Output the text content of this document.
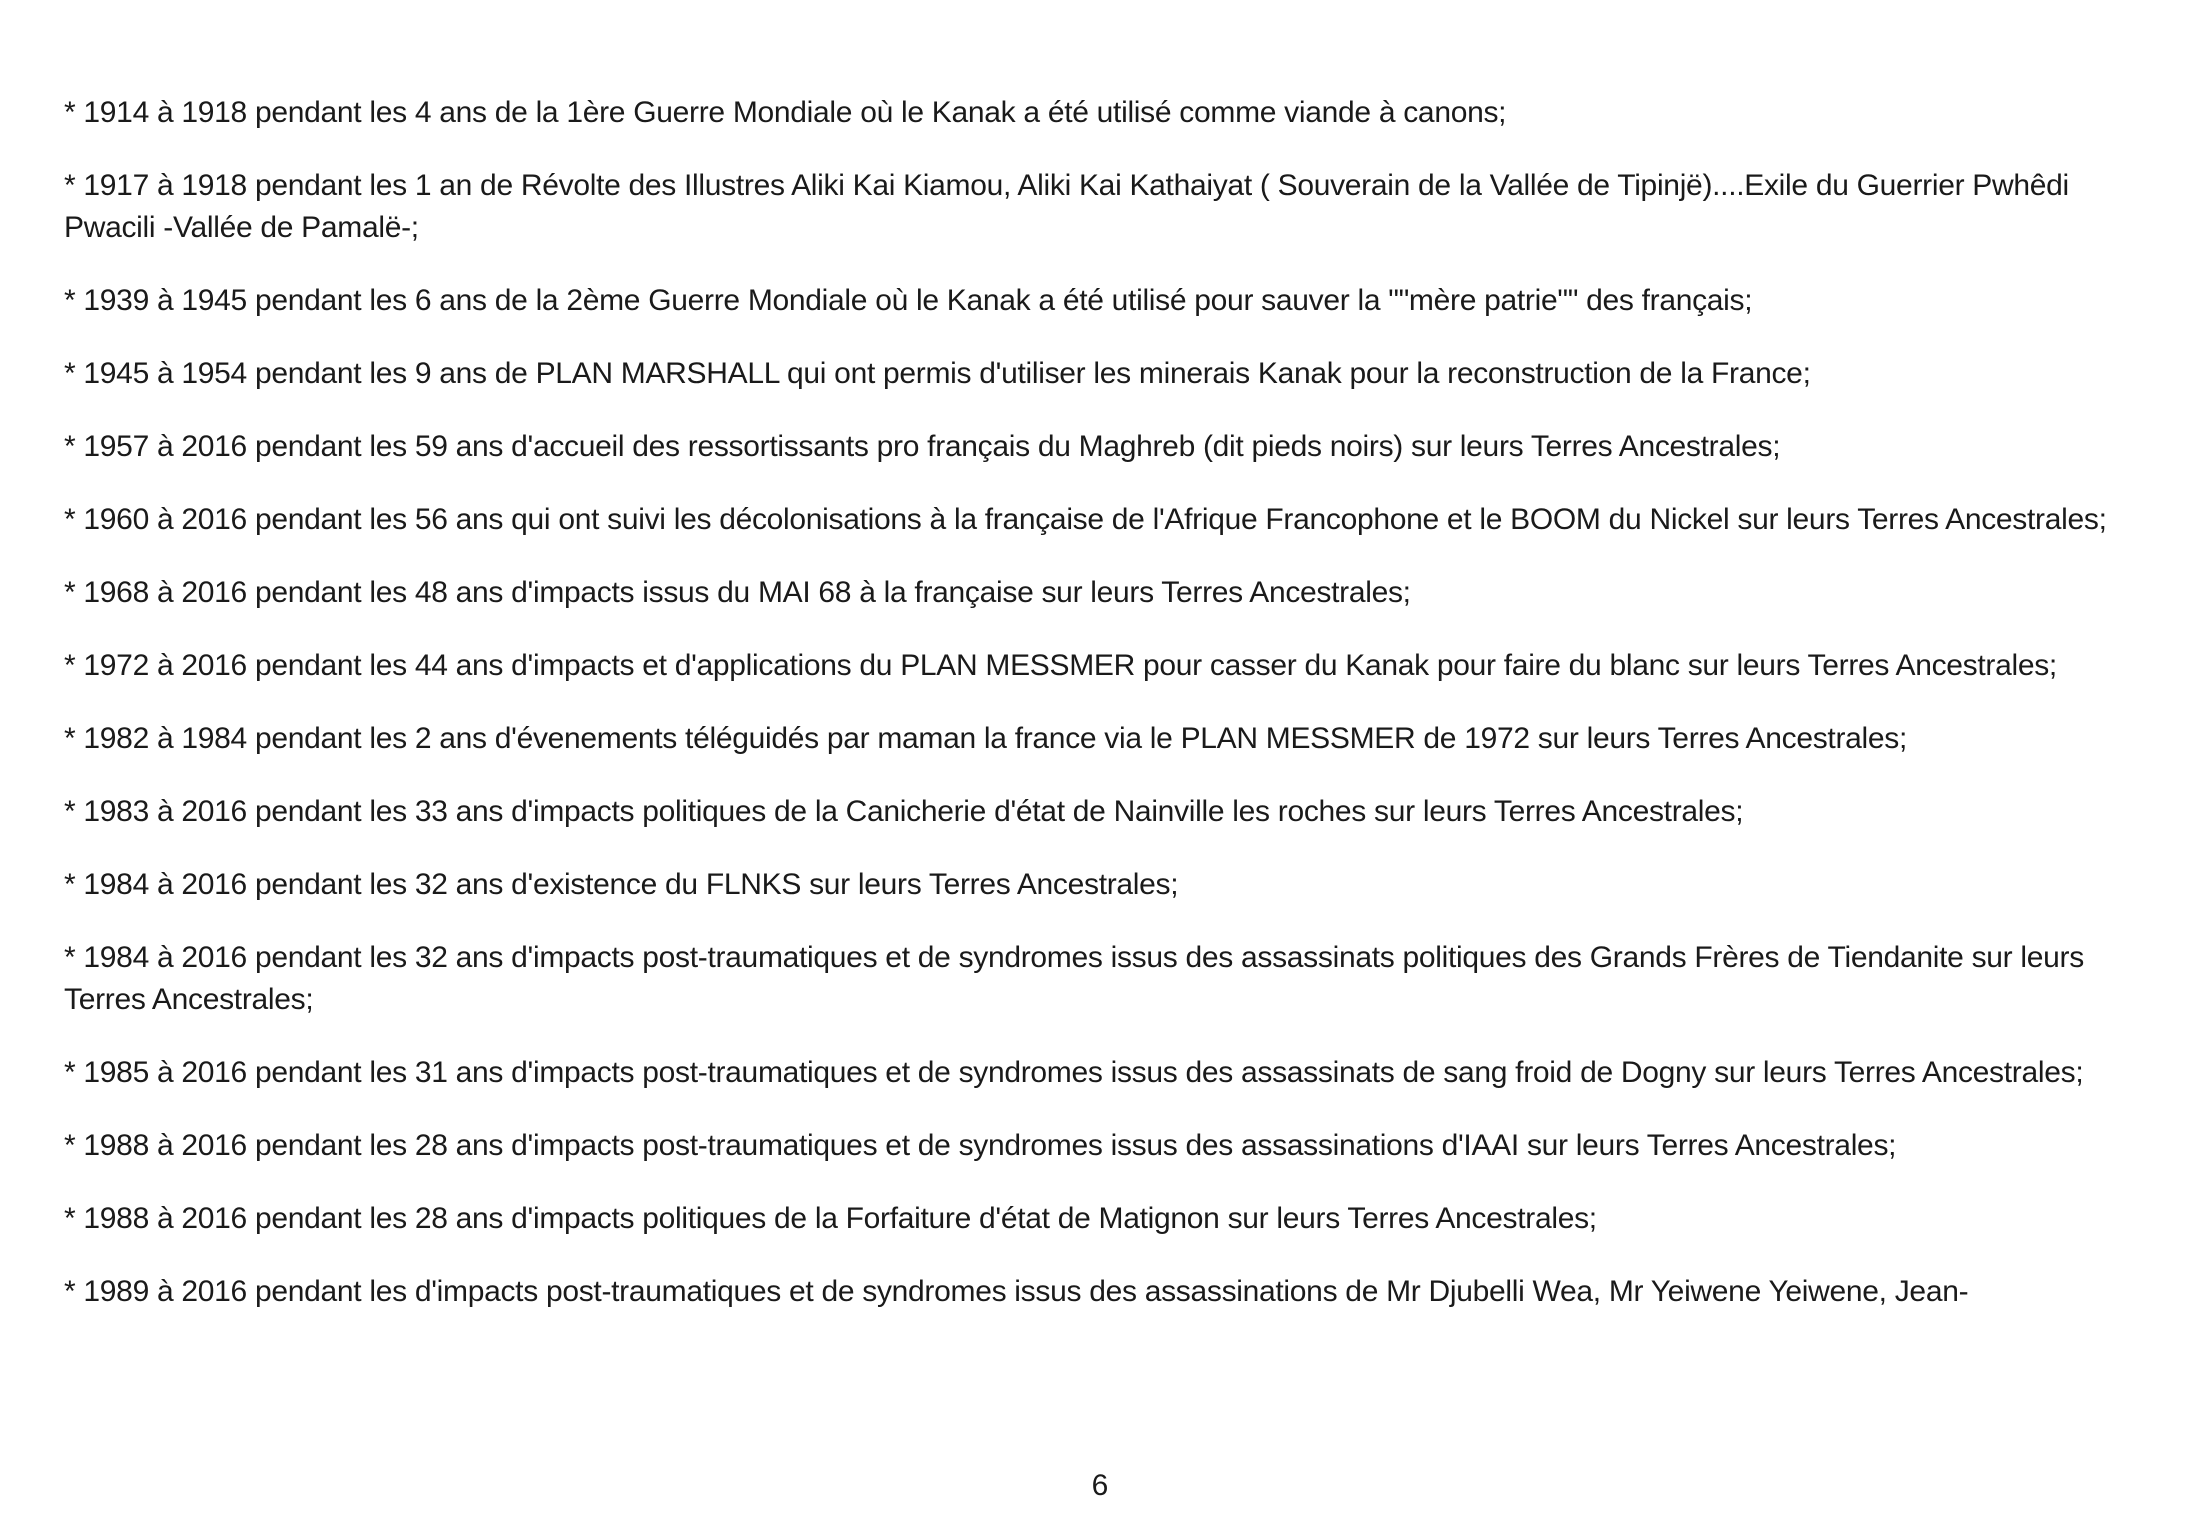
* 1914 à 1918 pendant les 4 ans de la 1ère Guerre Mondiale où le Kanak a été utilisé comme viande à canons;
* 1917 à 1918 pendant les 1 an de Révolte des Illustres Aliki Kai Kiamou, Aliki Kai Kathaiyat ( Souverain de la Vallée de Tipinjë)....Exile du Guerrier Pwhêdi Pwacili -Vallée de Pamalë-;
* 1939 à 1945 pendant les 6 ans de la 2ème Guerre Mondiale où le Kanak a été utilisé pour sauver la ""mère patrie"" des français;
* 1945 à 1954 pendant les 9 ans de PLAN MARSHALL qui ont permis d'utiliser les minerais Kanak pour la reconstruction de la France;
* 1957 à 2016 pendant les 59 ans d'accueil des ressortissants pro français du Maghreb (dit pieds noirs) sur leurs Terres Ancestrales;
* 1960 à 2016 pendant les 56 ans qui ont suivi les décolonisations à la française de l'Afrique Francophone et le BOOM du Nickel sur leurs Terres Ancestrales;
* 1968 à 2016 pendant les 48 ans d'impacts issus du MAI 68 à la française sur leurs Terres Ancestrales;
* 1972 à 2016 pendant les 44 ans d'impacts et d'applications du PLAN MESSMER pour casser du Kanak pour faire du blanc sur leurs Terres Ancestrales;
* 1982 à 1984 pendant les 2 ans d'évenements téléguidés par maman la france via le PLAN MESSMER de 1972 sur leurs Terres Ancestrales;
* 1983 à 2016 pendant les 33 ans d'impacts politiques de la Canicherie d'état de Nainville les roches sur leurs Terres Ancestrales;
* 1984 à 2016 pendant les 32 ans d'existence du FLNKS sur leurs Terres Ancestrales;
* 1984 à 2016 pendant les 32 ans d'impacts post-traumatiques et de syndromes issus des assassinats politiques des Grands Frères de Tiendanite sur leurs Terres Ancestrales;
* 1985 à 2016 pendant les 31 ans d'impacts post-traumatiques et de syndromes issus des assassinats de sang froid de Dogny sur leurs Terres Ancestrales;
* 1988 à 2016 pendant les 28 ans d'impacts post-traumatiques et de syndromes issus des assassinations d'IAAI sur leurs Terres Ancestrales;
* 1988 à 2016 pendant les 28 ans d'impacts politiques de la Forfaiture d'état de Matignon sur leurs Terres Ancestrales;
* 1989 à 2016 pendant les d'impacts post-traumatiques et de syndromes issus des assassinations de Mr Djubelli Wea, Mr Yeiwene Yeiwene, Jean-
6
